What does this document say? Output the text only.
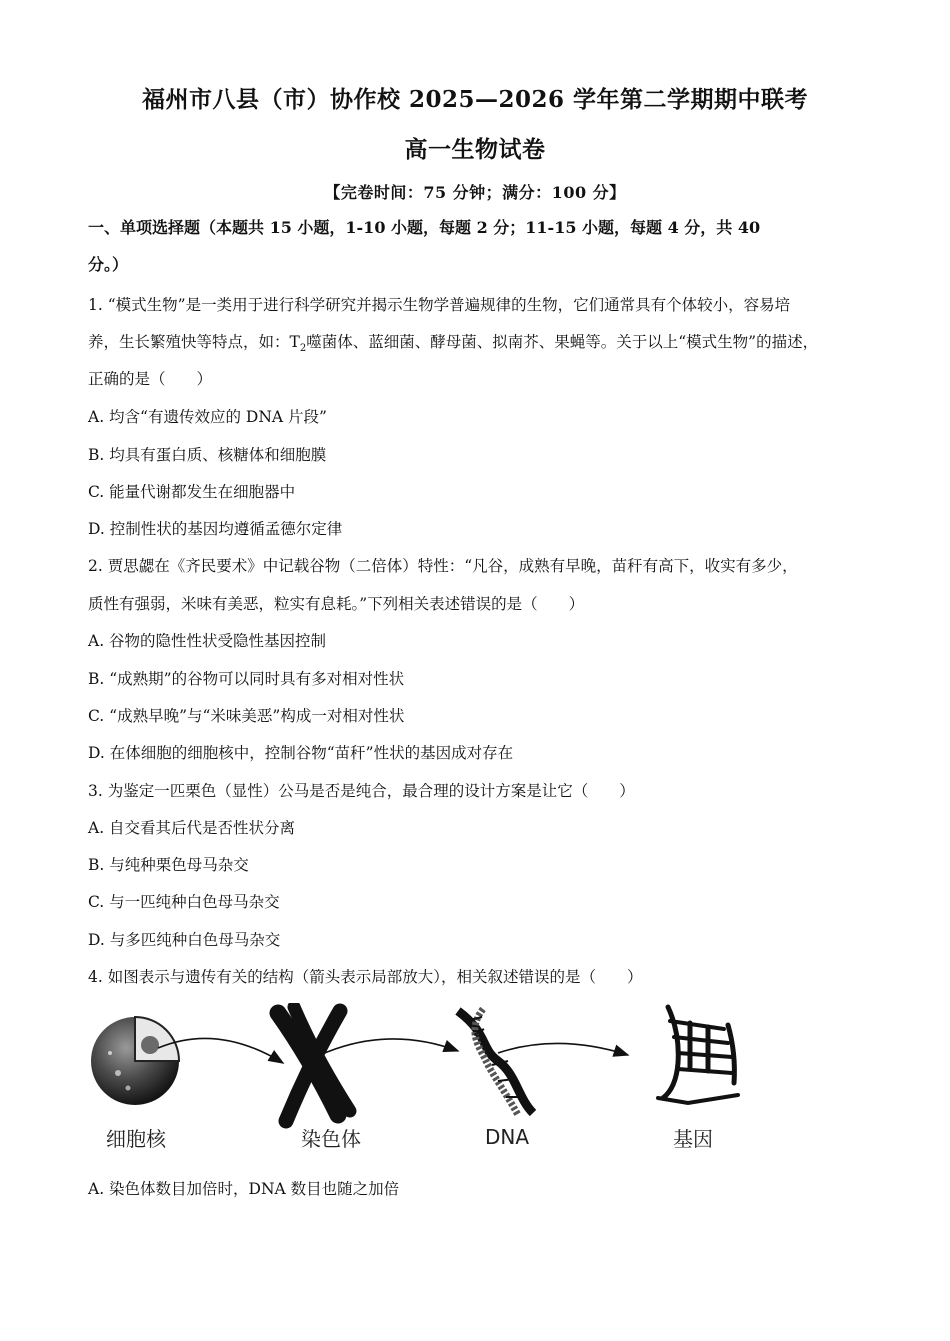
福州市八县（市）协作校 2025—2026 学年第二学期期中联考
高一生物试卷
【完卷时间：75 分钟；满分：100 分】
一、单项选择题（本题共 15 小题，1-10 小题，每题 2 分；11-15 小题，每题 4 分，共 40
分。）
1. “模式生物”是一类用于进行科学研究并揭示生物学普遍规律的生物，它们通常具有个体较小，容易培
养，生长繁殖快等特点，如：$T_2$噬菌体、蓝细菌、酵母菌、拟南芥、果蝇等。关于以上“模式生物”的描述，
正确的是（　　）
A. 均含“有遗传效应的 DNA 片段”
B. 均具有蛋白质、核糖体和细胞膜
C. 能量代谢都发生在细胞器中
D. 控制性状的基因均遵循孟德尔定律
2. 贾思勰在《齐民要术》中记载谷物（二倍体）特性：“凡谷，成熟有早晚，苗秆有高下，收实有多少，
质性有强弱，米味有美恶，粒实有息耗。”下列相关表述错误的是（　　）
A. 谷物的隐性性状受隐性基因控制
B. “成熟期”的谷物可以同时具有多对相对性状
C. “成熟早晚”与“米味美恶”构成一对相对性状
D. 在体细胞的细胞核中，控制谷物“苗秆”性状的基因成对存在
3. 为鉴定一匹栗色（显性）公马是否是纯合，最合理的设计方案是让它（　　）
A. 自交看其后代是否性状分离
B. 与纯种栗色母马杂交
C. 与一匹纯种白色母马杂交
D. 与多匹纯种白色母马杂交
4. 如图表示与遗传有关的结构（箭头表示局部放大），相关叙述错误的是（　　）
细胞核	染色体	DNA	基因
A. 染色体数目加倍时，DNA 数目也随之加倍
